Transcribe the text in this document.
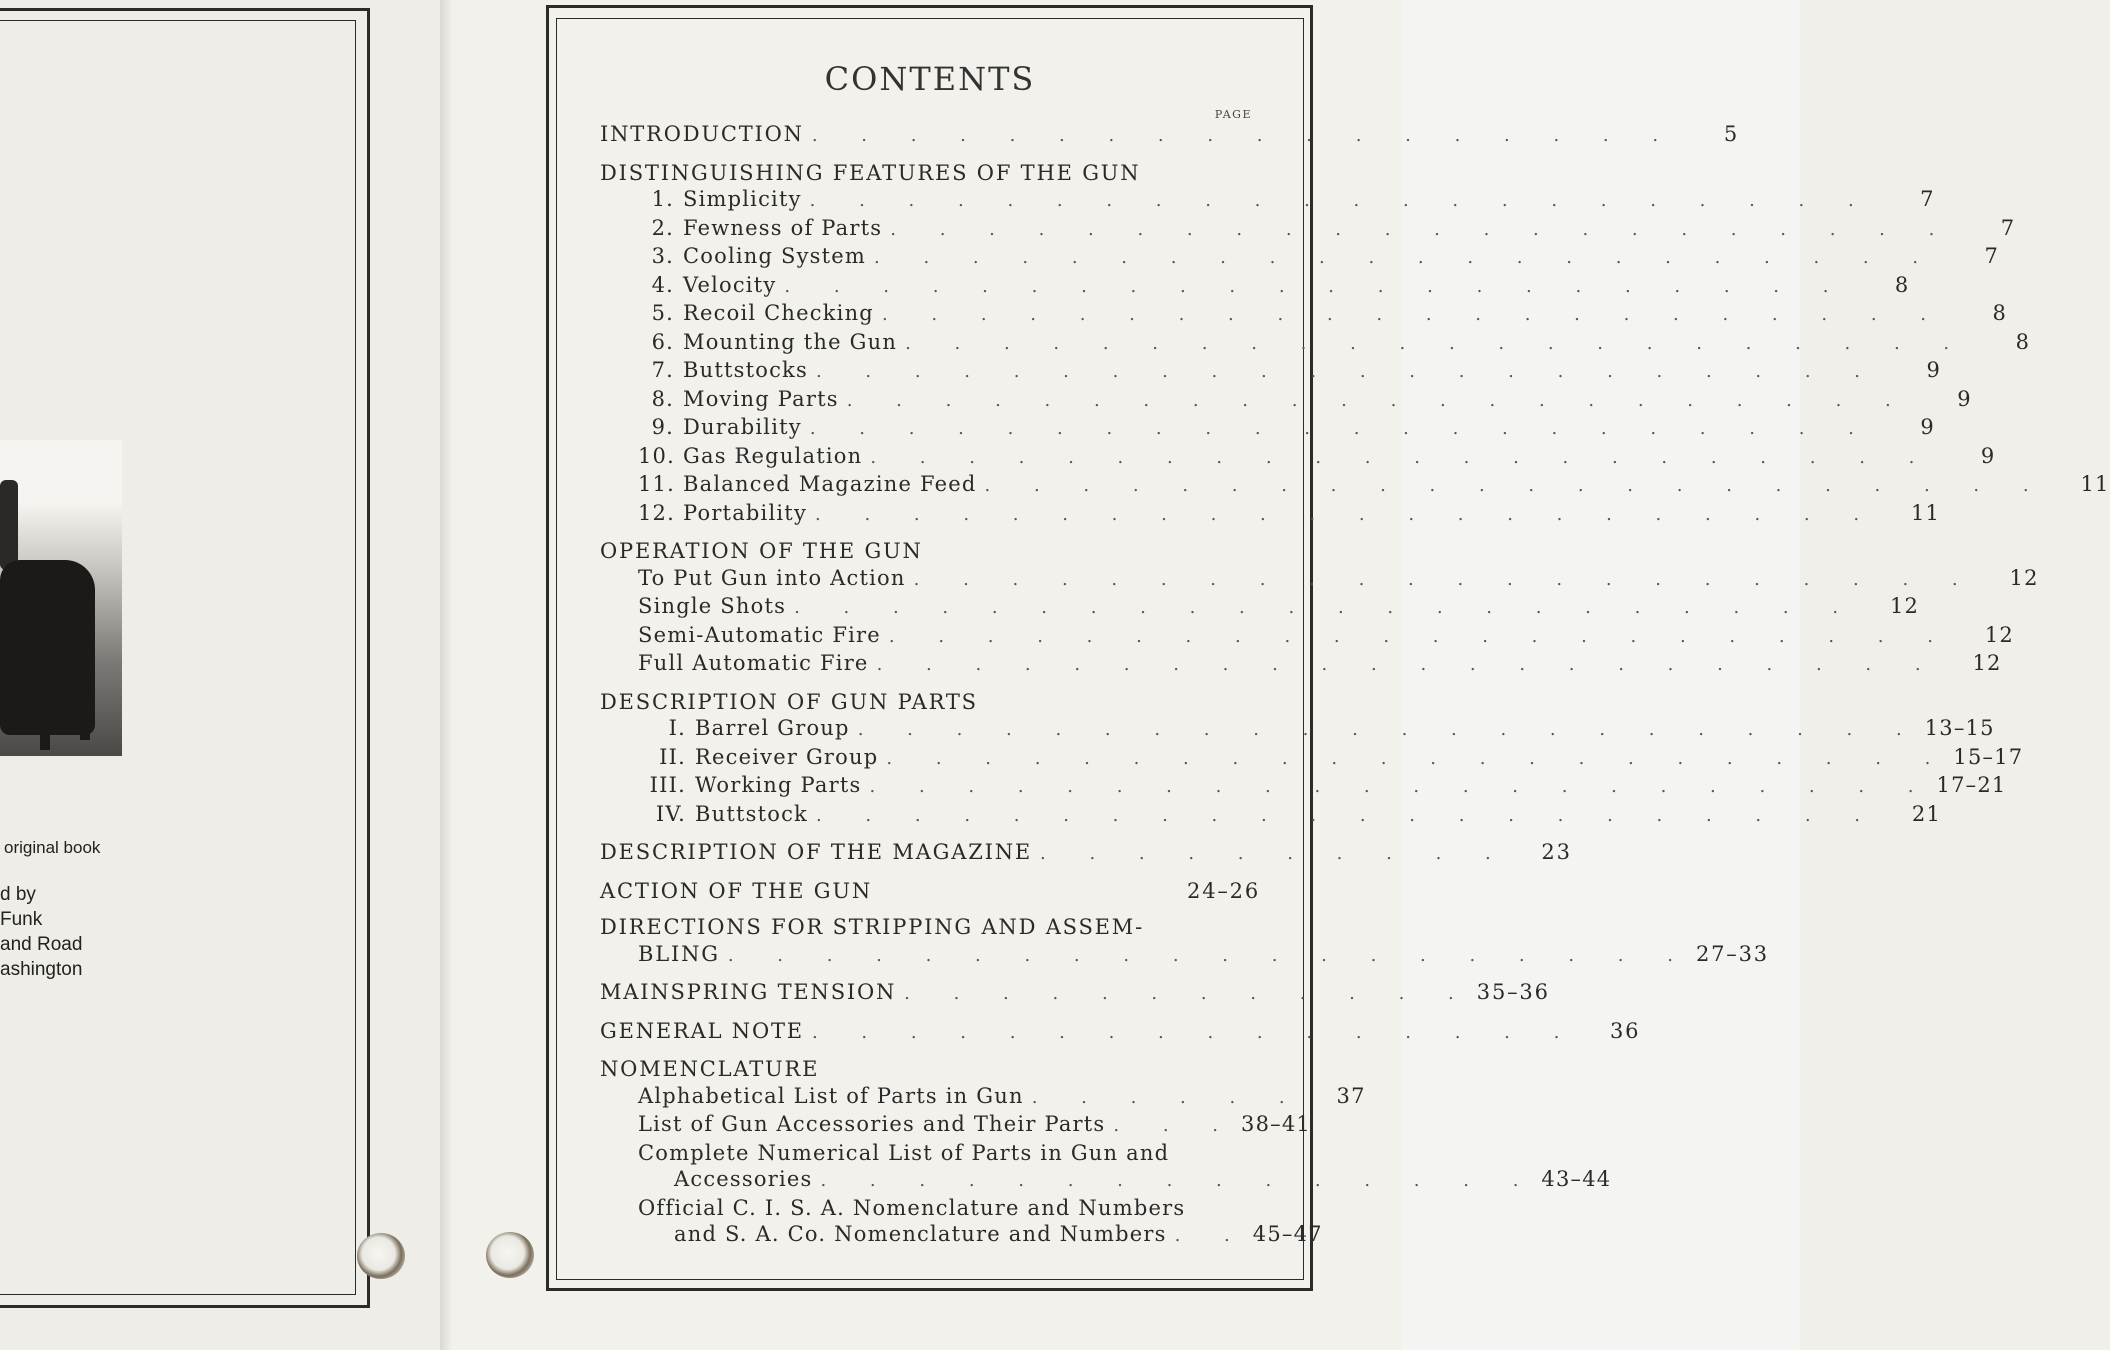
original book
d by
Funk
and Road
ashington
CONTENTS
PAGE
INTRODUCTION . . . . . . . . . . . . . . . . . .	5
DISTINGUISHING FEATURES OF THE GUN
1. Simplicity . . . . . . . . . . . . . . . . . . . . . .	7
2. Fewness of Parts . . . . . . . . . . . . . . . . . . . . . .	7
3. Cooling System . . . . . . . . . . . . . . . . . . . . . .	7
4. Velocity . . . . . . . . . . . . . . . . . . . . . .	8
5. Recoil Checking . . . . . . . . . . . . . . . . . . . . . .	8
6. Mounting the Gun . . . . . . . . . . . . . . . . . . . . . .	8
7. Buttstocks . . . . . . . . . . . . . . . . . . . . . .	9
8. Moving Parts . . . . . . . . . . . . . . . . . . . . . .	9
9. Durability . . . . . . . . . . . . . . . . . . . . . .	9
10. Gas Regulation . . . . . . . . . . . . . . . . . . . . . .	9
11. Balanced Magazine Feed . . . . . . . . . . . . . . . . . . . . . .	11
12. Portability . . . . . . . . . . . . . . . . . . . . . .	11
OPERATION OF THE GUN
To Put Gun into Action . . . . . . . . . . . . . . . . . . . . . .	12
Single Shots . . . . . . . . . . . . . . . . . . . . . .	12
Semi-Automatic Fire . . . . . . . . . . . . . . . . . . . . . .	12
Full Automatic Fire . . . . . . . . . . . . . . . . . . . . . .	12
DESCRIPTION OF GUN PARTS
I. Barrel Group . . . . . . . . . . . . . . . . . . . . . . 13–15
II. Receiver Group . . . . . . . . . . . . . . . . . . . . . . 15–17
III. Working Parts . . . . . . . . . . . . . . . . . . . . . . 17–21
IV. Buttstock . . . . . . . . . . . . . . . . . . . . . .	21
DESCRIPTION OF THE MAGAZINE . . . . . . . . . .	23
ACTION OF THE GUN	24–26
DIRECTIONS FOR STRIPPING AND ASSEM-
BLING . . . . . . . . . . . . . . . . . . . . 27–33
MAINSPRING TENSION . . . . . . . . . . . . 35–36
GENERAL NOTE . . . . . . . . . . . . . . . .	36
NOMENCLATURE
Alphabetical List of Parts in Gun . . . . . .	37
List of Gun Accessories and Their Parts . . . 38–41
Complete Numerical List of Parts in Gun and
Accessories . . . . . . . . . . . . . . . 43–44
Official C. I. S. A. Nomenclature and Numbers
and S. A. Co. Nomenclature and Numbers . . 45–47
